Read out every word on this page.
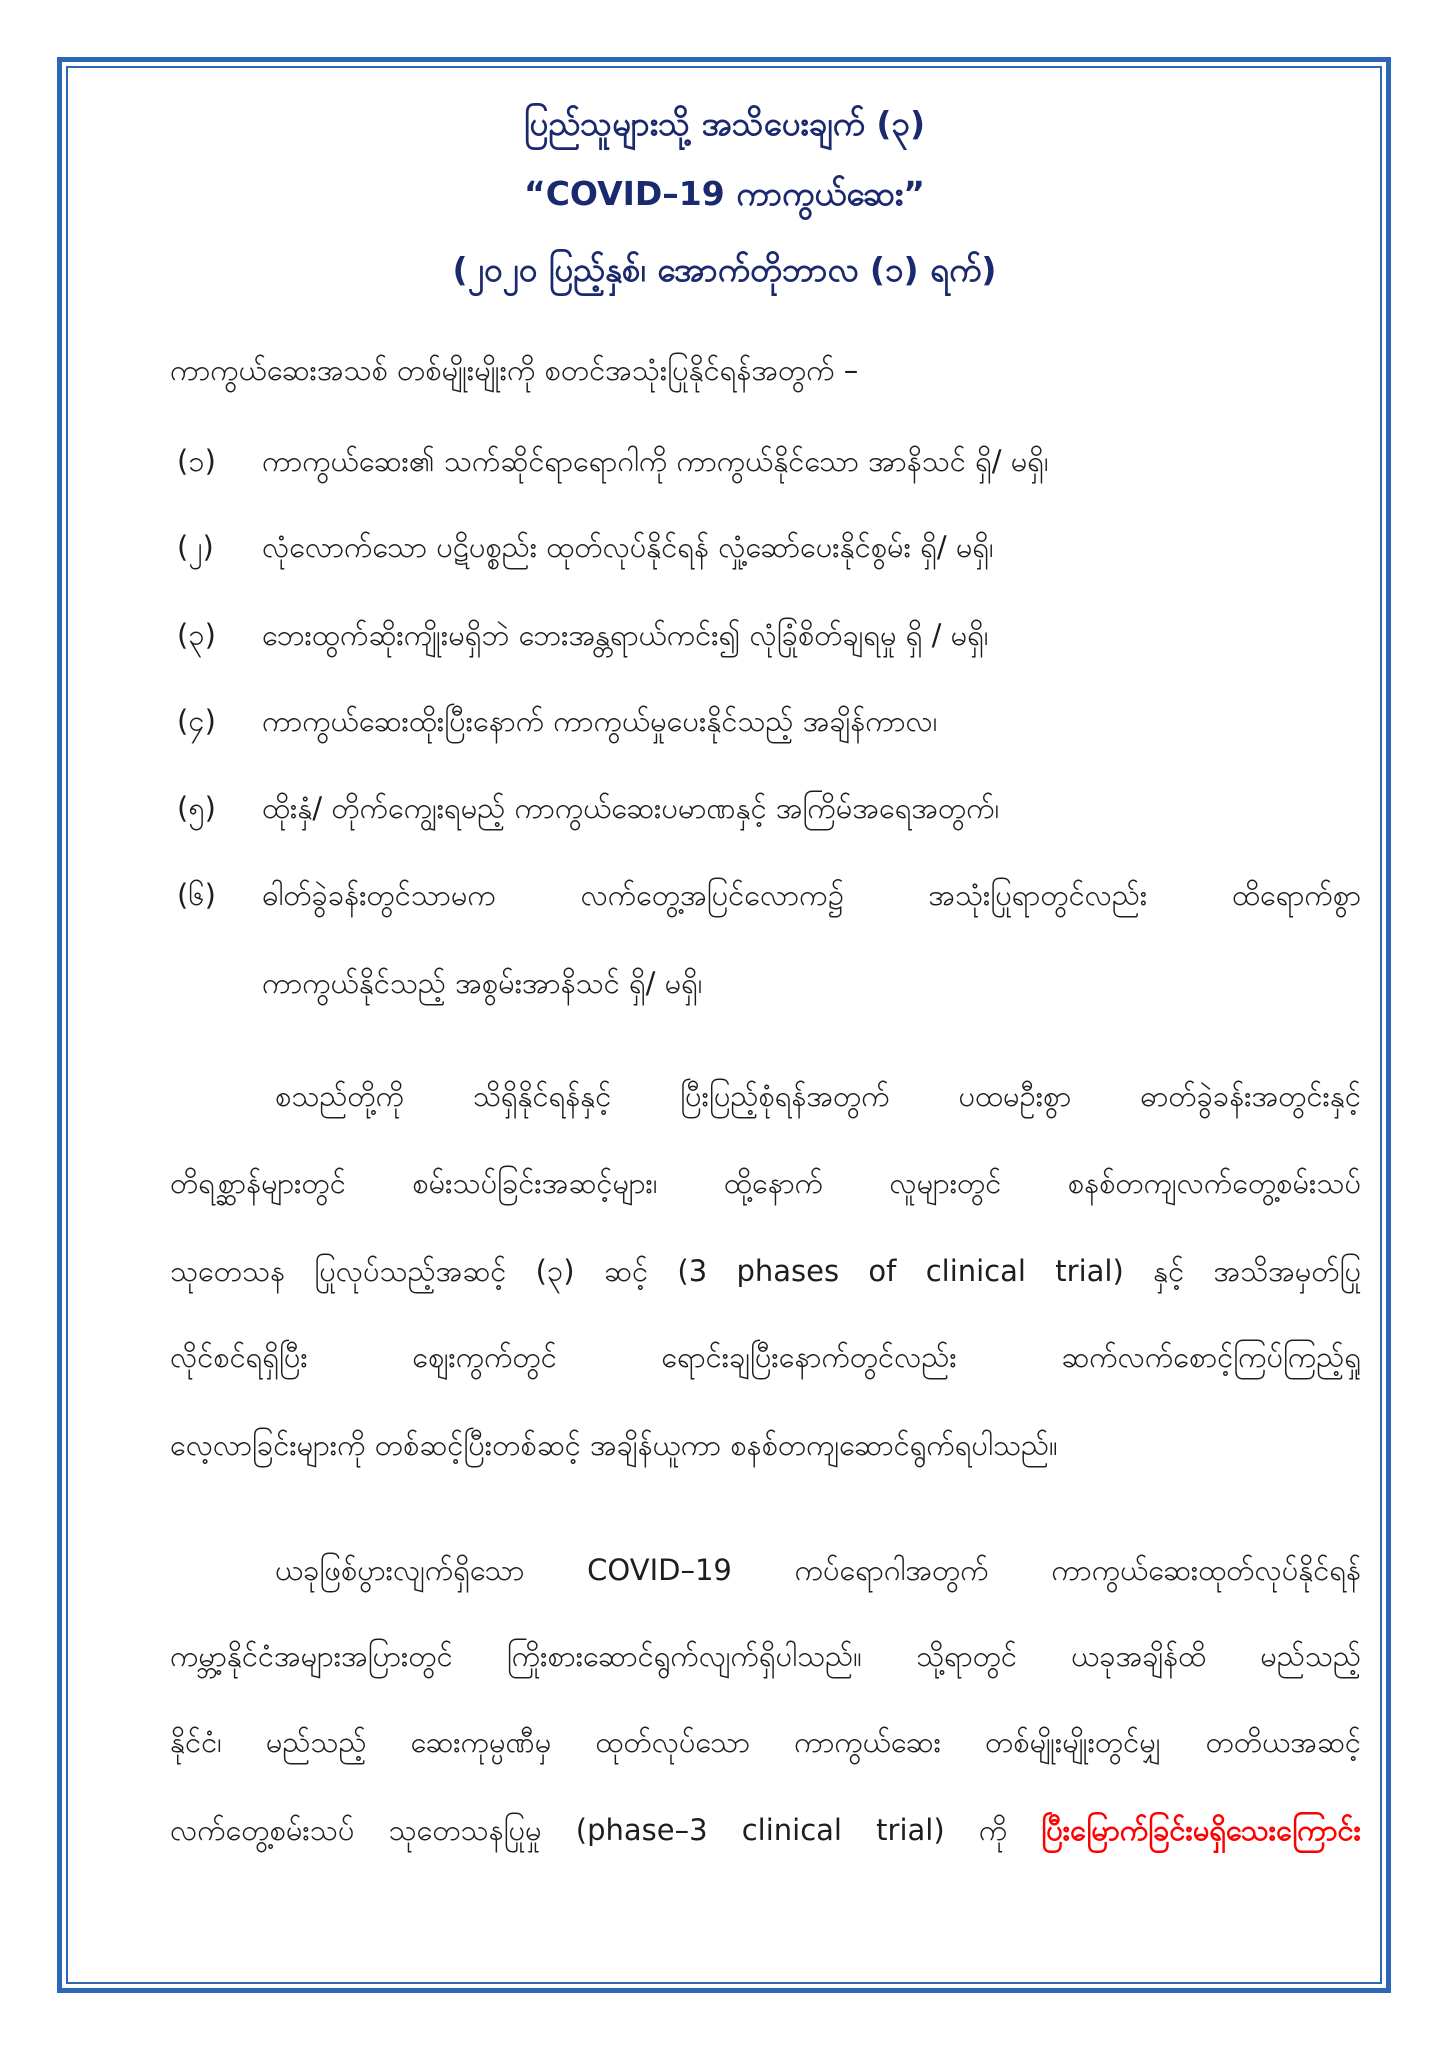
ပြည်သူများသို့ အသိပေးချက် (၃)
“COVID–19 ကာကွယ်ဆေး”
(၂၀၂၀ ပြည့်နှစ်၊ အောက်တိုဘာလ (၁) ရက်)
ကာကွယ်ဆေးအသစ် တစ်မျိုးမျိုးကို စတင်အသုံးပြုနိုင်ရန်အတွက် –
(၁)	ကာကွယ်ဆေး၏ သက်ဆိုင်ရာရောဂါကို ကာကွယ်နိုင်သော အာနိသင် ရှိ/ မရှိ၊
(၂)	လုံလောက်သော ပဋိပစ္စည်း ထုတ်လုပ်နိုင်ရန် လှုံ့ဆော်ပေးနိုင်စွမ်း ရှိ/ မရှိ၊
(၃)	ဘေးထွက်ဆိုးကျိုးမရှိဘဲ ဘေးအန္တရာယ်ကင်း၍ လုံခြုံစိတ်ချရမှု ရှိ / မရှိ၊
(၄)	ကာကွယ်ဆေးထိုးပြီးနောက် ကာကွယ်မှုပေးနိုင်သည့် အချိန်ကာလ၊
(၅)	ထိုးနှံ/ တိုက်ကျွေးရမည့် ကာကွယ်ဆေးပမာဏနှင့် အကြိမ်အရေအတွက်၊
(၆)	ဓါတ်ခွဲခန်းတွင်သာမက လက်တွေ့အပြင်လောက၌ အသုံးပြုရာတွင်လည်း ထိရောက်စွာ
ကာကွယ်နိုင်သည့် အစွမ်းအာနိသင် ရှိ/ မရှိ၊
စသည်တို့ကို သိရှိနိုင်ရန်နှင့် ပြီးပြည့်စုံရန်အတွက် ပထမဦးစွာ ဓာတ်ခွဲခန်းအတွင်းနှင့်
တိရစ္ဆာန်များတွင် စမ်းသပ်ခြင်းအဆင့်များ၊ ထို့နောက် လူများတွင် စနစ်တကျလက်တွေ့စမ်းသပ်
သုတေသန ပြုလုပ်သည့်အဆင့် (၃) ဆင့် (3 phases of clinical trial) နှင့် အသိအမှတ်ပြု
လိုင်စင်ရရှိပြီး ဈေးကွက်တွင် ရောင်းချပြီးနောက်တွင်လည်း ဆက်လက်စောင့်ကြပ်ကြည့်ရှု
လေ့လာခြင်းများကို တစ်ဆင့်ပြီးတစ်ဆင့် အချိန်ယူကာ စနစ်တကျဆောင်ရွက်ရပါသည်။
ယခုဖြစ်ပွားလျက်ရှိသော COVID–19 ကပ်ရောဂါအတွက် ကာကွယ်ဆေးထုတ်လုပ်နိုင်ရန်
ကမ္ဘာ့နိုင်ငံအများအပြားတွင် ကြိုးစားဆောင်ရွက်လျက်ရှိပါသည်။ သို့ရာတွင် ယခုအချိန်ထိ မည်သည့်
နိုင်ငံ၊ မည်သည့် ဆေးကုမ္ပဏီမှ ထုတ်လုပ်သော ကာကွယ်ဆေး တစ်မျိုးမျိုးတွင်မျှ တတိယအဆင့်
လက်တွေ့စမ်းသပ် သုတေသနပြုမှု (phase–3 clinical trial) ကို ပြီးမြောက်ခြင်းမရှိသေးကြောင်း
